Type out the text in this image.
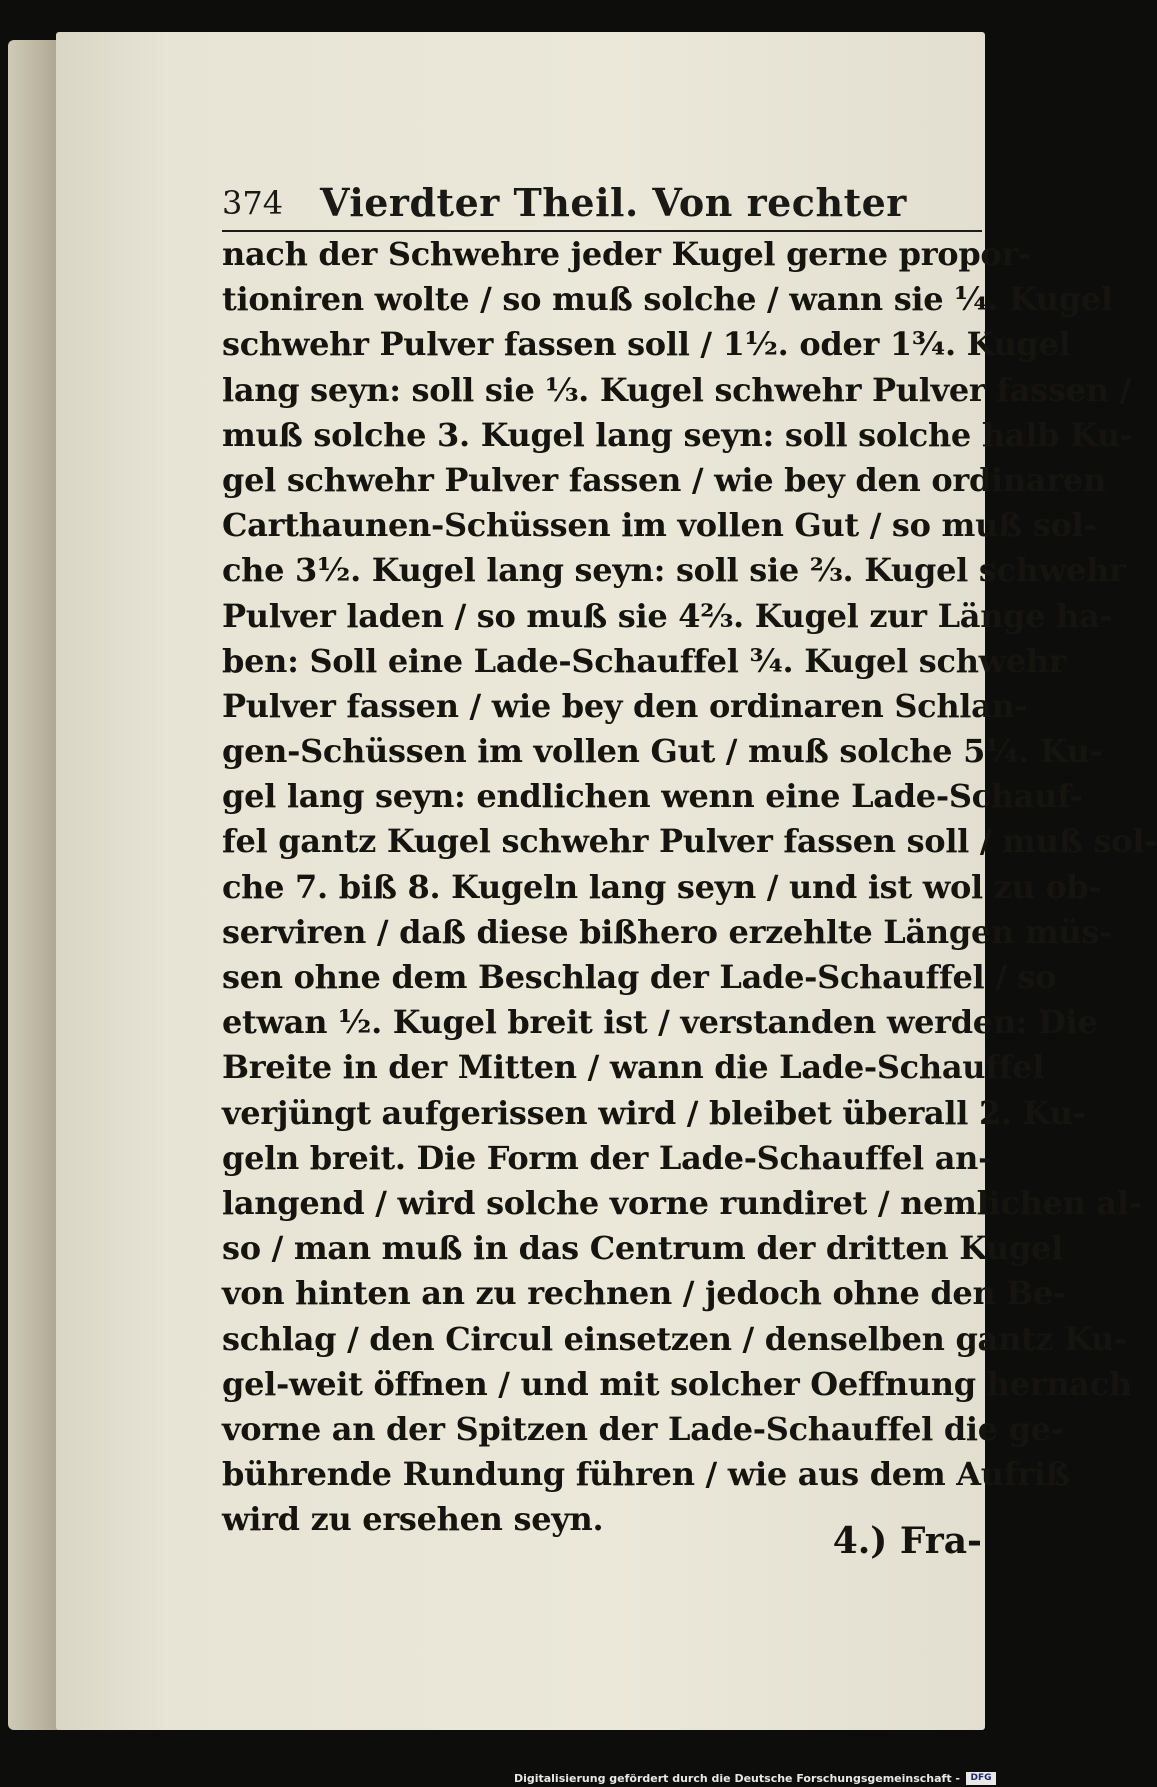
374 Vierdter Theil. Von rechter
nach der Schwehre jeder Kugel gerne propor-
tioniren wolte / so muß solche / wann sie ¼. Kugel
schwehr Pulver fassen soll / 1½. oder 1¾. Kugel
lang seyn: soll sie ⅓. Kugel schwehr Pulver fassen /
muß solche 3. Kugel lang seyn: soll solche halb Ku-
gel schwehr Pulver fassen / wie bey den ordinaren
Carthaunen-Schüssen im vollen Gut / so muß sol-
che 3½. Kugel lang seyn: soll sie ⅔. Kugel schwehr
Pulver laden / so muß sie 4⅔. Kugel zur Länge ha-
ben: Soll eine Lade-Schauffel ¾. Kugel schwehr
Pulver fassen / wie bey den ordinaren Schlan-
gen-Schüssen im vollen Gut / muß solche 5¼. Ku-
gel lang seyn: endlichen wenn eine Lade-Schauf-
fel gantz Kugel schwehr Pulver fassen soll / muß sol-
che 7. biß 8. Kugeln lang seyn / und ist wol zu ob-
serviren / daß diese bißhero erzehlte Längen müs-
sen ohne dem Beschlag der Lade-Schauffel / so
etwan ½. Kugel breit ist / verstanden werden: Die
Breite in der Mitten / wann die Lade-Schauffel
verjüngt aufgerissen wird / bleibet überall 2. Ku-
geln breit. Die Form der Lade-Schauffel an-
langend / wird solche vorne rundiret / nemlichen al-
so / man muß in das Centrum der dritten Kugel
von hinten an zu rechnen / jedoch ohne den Be-
schlag / den Circul einsetzen / denselben gantz Ku-
gel-weit öffnen / und mit solcher Oeffnung hernach
vorne an der Spitzen der Lade-Schauffel die ge-
bührende Rundung führen / wie aus dem Aufriß
wird zu ersehen seyn.
4.) Fra-
Digitalisierung gefördert durch die Deutsche Forschungsgemeinschaft -	DFG
